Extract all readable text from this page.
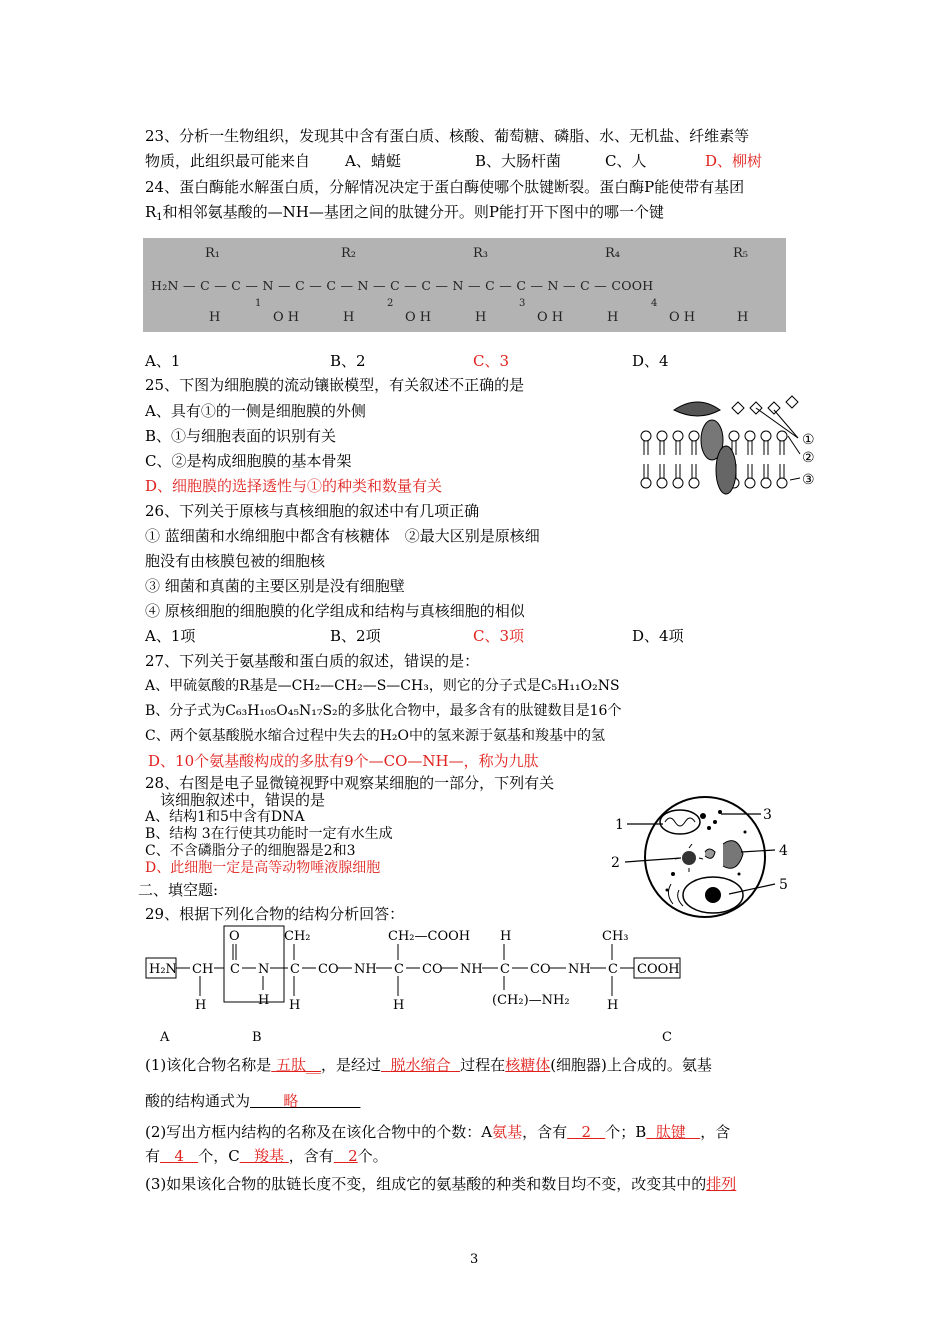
23、分析一生物组织，发现其中含有蛋白质、核酸、葡萄糖、磷脂、水、无机盐、纤维素等
物质，此组织最可能来自 A、蜻蜓	B、大肠杆菌	C、人	D、柳树
24、蛋白酶能水解蛋白质，分解情况决定于蛋白酶使哪个肽键断裂。蛋白酶P能使带有基团
$R_1$和相邻氨基酸的—NH—基团之间的肽键分开。则P能打开下图中的哪一个键
R₁	R₂	R₃	R₄	R₅
H₂N — C — C — N — C — C — N — C — C — N — C — C — N — C — COOH
H	O H	H	O H	H	O H	H	O H	H
1	2	3	4
A、1	B、2	C、3	D、4
25、下图为细胞膜的流动镶嵌模型，有关叙述不正确的是
A、具有①的一侧是细胞膜的外侧
B、①与细胞表面的识别有关
C、②是构成细胞膜的基本骨架
D、细胞膜的选择透性与①的种类和数量有关
①
②
③
26、下列关于原核与真核细胞的叙述中有几项正确
① 蓝细菌和水绵细胞中都含有核糖体　②最大区别是原核细
胞没有由核膜包被的细胞核
③ 细菌和真菌的主要区别是没有细胞壁
④ 原核细胞的细胞膜的化学组成和结构与真核细胞的相似
A、1项	B、2项	C、3项	D、4项
27、下列关于氨基酸和蛋白质的叙述，错误的是：
A、甲硫氨酸的R基是—CH₂—CH₂—S—CH₃，则它的分子式是C₅H₁₁O₂NS
B、分子式为C₆₃H₁₀₅O₄₅N₁₇S₂的多肽化合物中，最多含有的肽键数目是16个
C、两个氨基酸脱水缩合过程中失去的H₂O中的氢来源于氨基和羧基中的氢
D、10个氨基酸构成的多肽有9个—CO—NH—，称为九肽
28、右图是电子显微镜视野中观察某细胞的一部分，下列有关
该细胞叙述中，错误的是
A、结构1和5中含有DNA
B、结构 3在行使其功能时一定有水生成
C、不含磷脂分子的细胞器是2和3
D、此细胞一定是高等动物唾液腺细胞
1
2
3
4
5
二、填空题:
29、根据下列化合物的结构分析回答：
H₂N CH
H
C
O
N
H
C
CH₂
H
CO NH C
CH₂—COOH
H
CO NH C
H
(CH₂)—NH₂
CO NH C
CH₃
H
COOH
A	B	C
(1)该化合物名称是 五肽__，是经过 脱水缩合 过程在核糖体(细胞器)上合成的。氨基
酸的结构通式为 略
(2)写出方框内结构的名称及在该化合物中的个数：A氨基，含有 2 个；B 肽键 ，含
有 4 个，C 羧基 ，含有 2个。
(3)如果该化合物的肽链长度不变，组成它的氨基酸的种类和数目均不变，改变其中的排列
3
